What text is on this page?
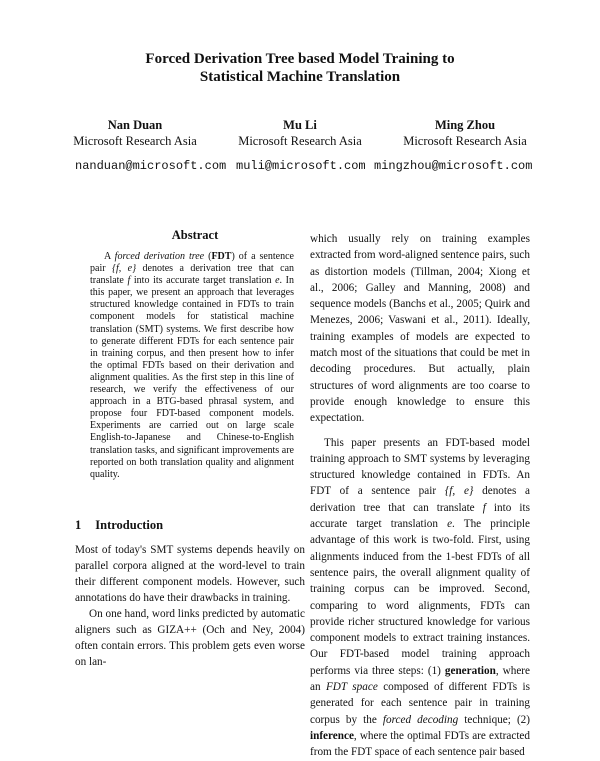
Forced Derivation Tree based Model Training to
Statistical Machine Translation
Nan Duan
Microsoft Research Asia
Mu Li
Microsoft Research Asia
Ming Zhou
Microsoft Research Asia
nanduan@microsoft.com muli@microsoft.com mingzhou@microsoft.com
Abstract

A forced derivation tree (FDT) of a sentence pair {f, e} denotes a derivation tree that can translate f into its accurate target translation e. In this paper, we present an approach that leverages structured knowledge contained in FDTs to train component models for statistical machine translation (SMT) systems. We first describe how to generate different FDTs for each sentence pair in training corpus, and then present how to infer the optimal FDTs based on their derivation and alignment qualities. As the first step in this line of research, we verify the effectiveness of our approach in a BTG-based phrasal system, and propose four FDT-based component models. Experiments are carried out on large scale English-to-Japanese and Chinese-to-English translation tasks, and significant improvements are reported on both translation quality and alignment quality.

1 Introduction

Most of today's SMT systems depends heavily on parallel corpora aligned at the word-level to train their different component models. However, such annotations do have their drawbacks in training.

On one hand, word links predicted by automatic aligners such as GIZA++ (Och and Ney, 2004) often contain errors. This problem gets even worse on lan-

which usually rely on training examples extracted from word-aligned sentence pairs, such as distortion models (Tillman, 2004; Xiong et al., 2006; Galley and Manning, 2008) and sequence models (Banchs et al., 2005; Quirk and Menezes, 2006; Vaswani et al., 2011). Ideally, training examples of models are expected to match most of the situations that could be met in decoding procedures. But actually, plain structures of word alignments are too coarse to provide enough knowledge to ensure this expectation.

This paper presents an FDT-based model training approach to SMT systems by leveraging structured knowledge contained in FDTs. An FDT of a sentence pair {f, e} denotes a derivation tree that can translate f into its accurate target translation e. The principle advantage of this work is two-fold. First, using alignments induced from the 1-best FDTs of all sentence pairs, the overall alignment quality of training corpus can be improved. Second, comparing to word alignments, FDTs can provide richer structured knowledge for various component models to extract training instances. Our FDT-based model training approach performs via three steps: (1) generation, where an FDT space composed of different FDTs is generated for each sentence pair in training corpus by the forced decoding technique; (2) inference, where the optimal FDTs are extracted from the FDT space of each sentence pair based
